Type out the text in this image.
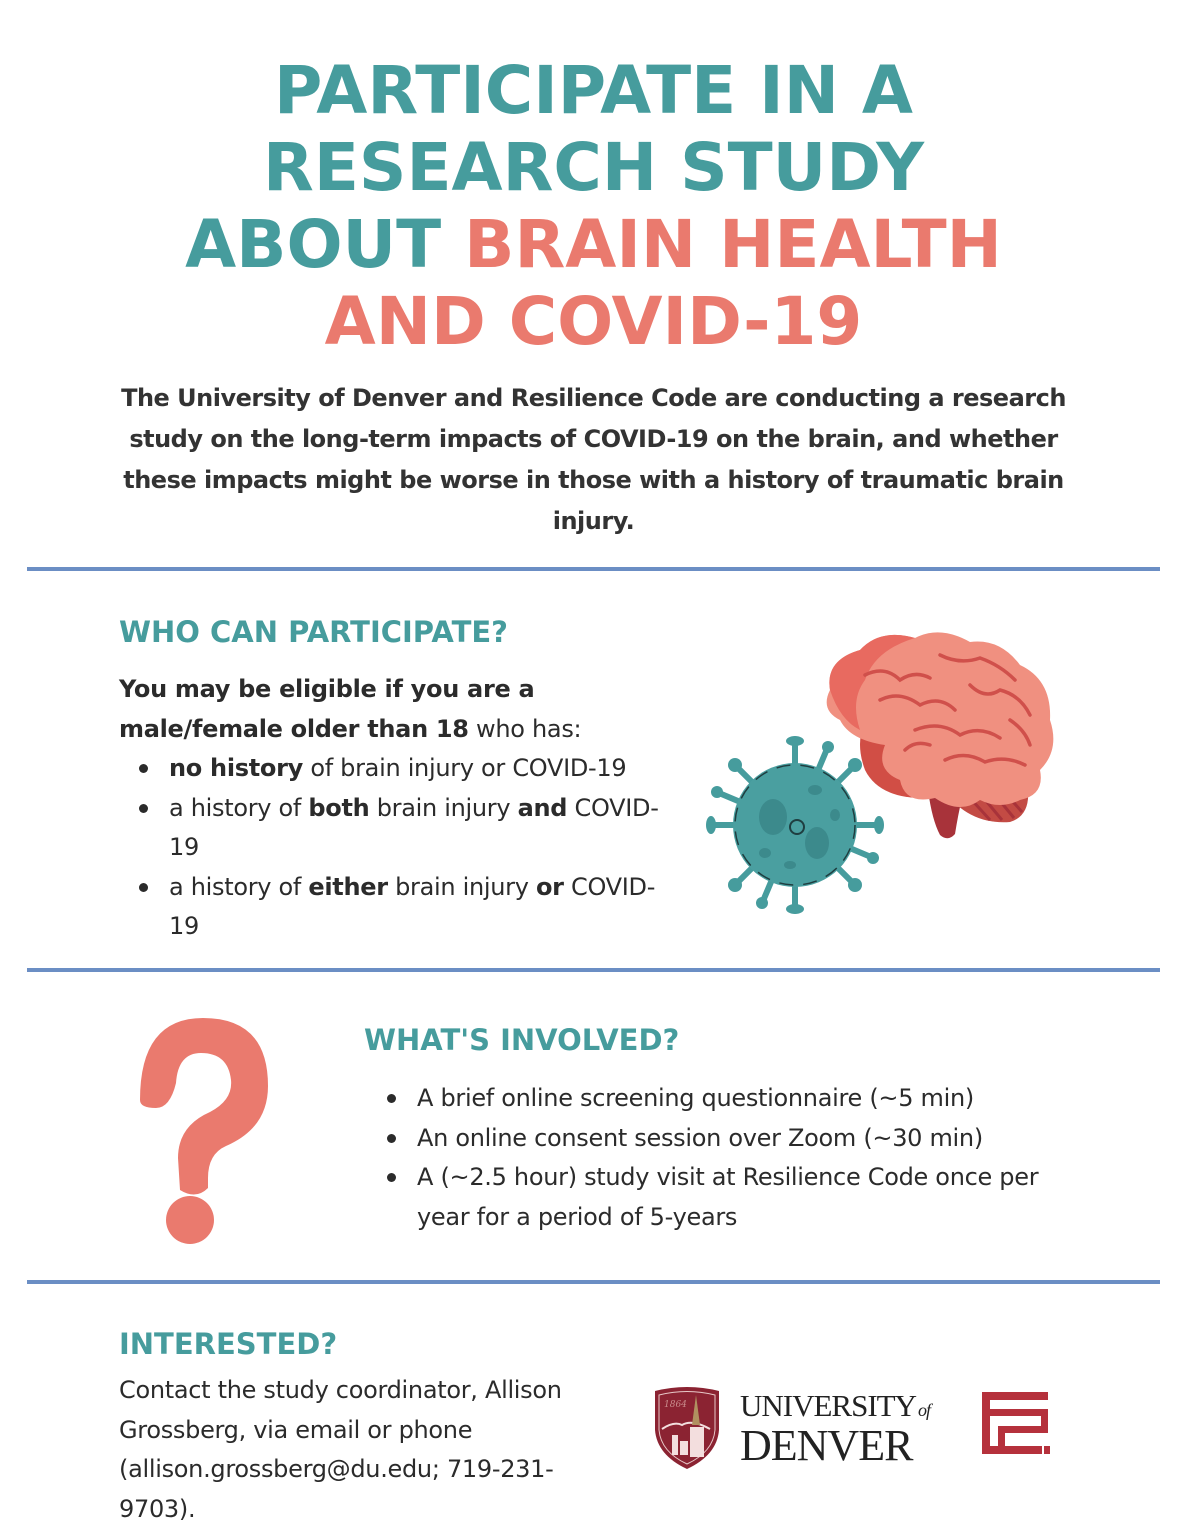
PARTICIPATE IN A
RESEARCH STUDY
ABOUT BRAIN HEALTH
AND COVID-19
The University of Denver and Resilience Code are conducting a research study on the long-term impacts of COVID-19 on the brain, and whether these impacts might be worse in those with a history of traumatic brain injury.
WHO CAN PARTICIPATE?
You may be eligible if you are a male/female older than 18 who has:
no history of brain injury or COVID-19
a history of both brain injury and COVID-19
a history of either brain injury or COVID-19
WHAT'S INVOLVED?
A brief online screening questionnaire (~5 min)
An online consent session over Zoom (~30 min)
A (~2.5 hour) study visit at Resilience Code once per year for a period of 5-years
INTERESTED?
Contact the study coordinator, Allison Grossberg, via email or phone (allison.grossberg@du.edu; 719-231-9703).
1864 UNIVERSITY of
DENVER
